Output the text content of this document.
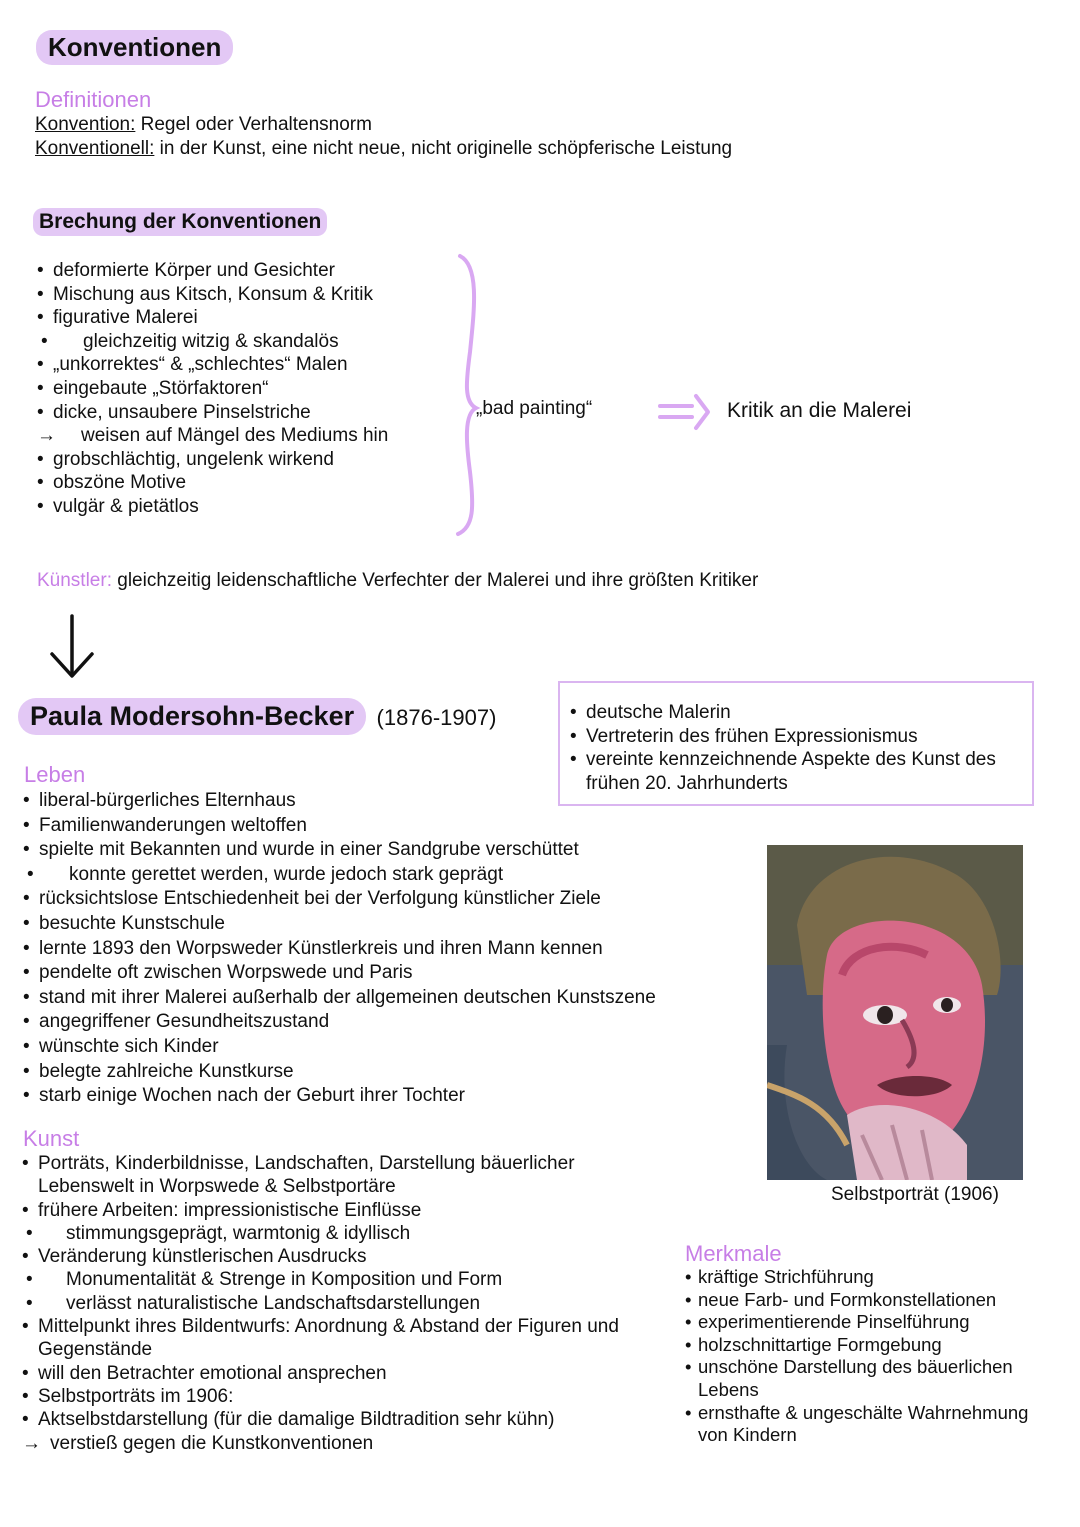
Konventionen
Definitionen
Konvention: Regel oder Verhaltensnorm
Konventionell: in der Kunst, eine nicht neue, nicht originelle schöpferische Leistung
Brechung der Konventionen
• deformierte Körper und Gesichter
• Mischung aus Kitsch, Konsum & Kritik
• figurative Malerei
• gleichzeitig witzig & skandalös
• „unkorrektes“ & „schlechtes“ Malen
• eingebaute „Störfaktoren“
• dicke, unsaubere Pinselstriche
→ weisen auf Mängel des Mediums hin
• grobschlächtig, ungelenk wirkend
• obszöne Motive
• vulgär & pietätlos
„bad painting“	Kritik an die Malerei
Künstler: gleichzeitig leidenschaftliche Verfechter der Malerei und ihre größten Kritiker
Paula Modersohn-Becker (1876-1907)
•	deutsche Malerin
• Vertreterin des frühen Expressionismus
• vereinte kennzeichnende Aspekte des Kunst des
frühen 20. Jahrhunderts
Leben
• liberal-bürgerliches Elternhaus
• Familienwanderungen weltoffen
• spielte mit Bekannten und wurde in einer Sandgrube verschüttet
• konnte gerettet werden, wurde jedoch stark geprägt
• rücksichtslose Entschiedenheit bei der Verfolgung künstlicher Ziele
• besuchte Kunstschule
• lernte 1893 den Worpsweder Künstlerkreis und ihren Mann kennen
• pendelte oft zwischen Worpswede und Paris
• stand mit ihrer Malerei außerhalb der allgemeinen deutschen Kunstszene
• angegriffener Gesundheitszustand
• wünschte sich Kinder
• belegte zahlreiche Kunstkurse
• starb einige Wochen nach der Geburt ihrer Tochter
Selbstporträt (1906)
Kunst
• Porträts, Kinderbildnisse, Landschaften, Darstellung bäuerlicher
Lebenswelt in Worpswede & Selbstportäre
• frühere Arbeiten: impressionistische Einflüsse
• stimmungsgeprägt, warmtonig & idyllisch
• Veränderung künstlerischen Ausdrucks
• Monumentalität & Strenge in Komposition und Form
• verlässt naturalistische Landschaftsdarstellungen
• Mittelpunkt ihres Bildentwurfs: Anordnung & Abstand der Figuren und
Gegenstände
• will den Betrachter emotional ansprechen
• Selbstporträts im 1906:
• Aktselbstdarstellung (für die damalige Bildtradition sehr kühn)
→ verstieß gegen die Kunstkonventionen
Merkmale
• kräftige Strichführung
• neue Farb- und Formkonstellationen
• experimentierende Pinselführung
• holzschnittartige Formgebung
• unschöne Darstellung des bäuerlichen
Lebens
• ernsthafte & ungeschälte Wahrnehmung
von Kindern
